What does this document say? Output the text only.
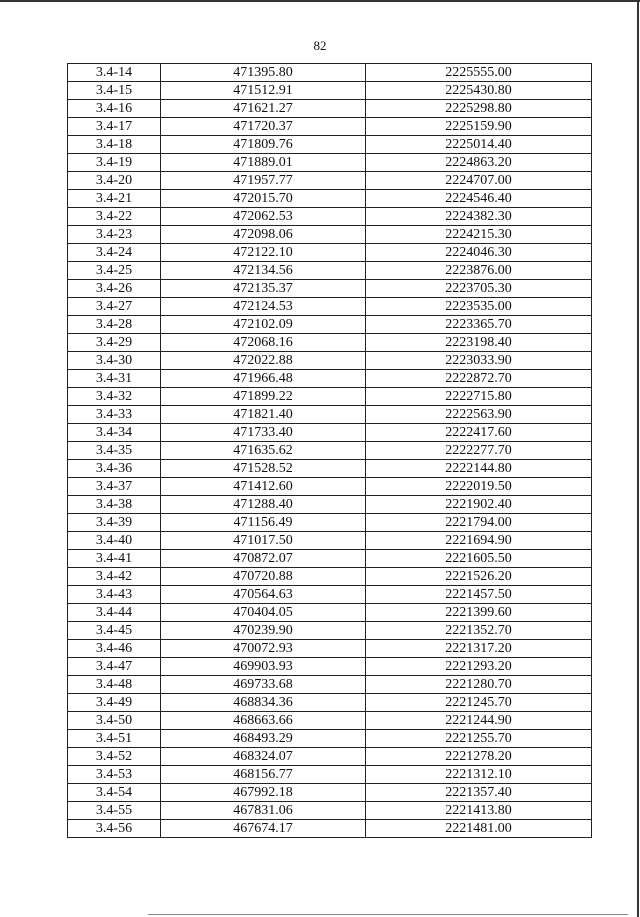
82
3.4-14	471395.80	2225555.00
3.4-15	471512.91	2225430.80
3.4-16	471621.27	2225298.80
3.4-17	471720.37	2225159.90
3.4-18	471809.76	2225014.40
3.4-19	471889.01	2224863.20
3.4-20	471957.77	2224707.00
3.4-21	472015.70	2224546.40
3.4-22	472062.53	2224382.30
3.4-23	472098.06	2224215.30
3.4-24	472122.10	2224046.30
3.4-25	472134.56	2223876.00
3.4-26	472135.37	2223705.30
3.4-27	472124.53	2223535.00
3.4-28	472102.09	2223365.70
3.4-29	472068.16	2223198.40
3.4-30	472022.88	2223033.90
3.4-31	471966.48	2222872.70
3.4-32	471899.22	2222715.80
3.4-33	471821.40	2222563.90
3.4-34	471733.40	2222417.60
3.4-35	471635.62	2222277.70
3.4-36	471528.52	2222144.80
3.4-37	471412.60	2222019.50
3.4-38	471288.40	2221902.40
3.4-39	471156.49	2221794.00
3.4-40	471017.50	2221694.90
3.4-41	470872.07	2221605.50
3.4-42	470720.88	2221526.20
3.4-43	470564.63	2221457.50
3.4-44	470404.05	2221399.60
3.4-45	470239.90	2221352.70
3.4-46	470072.93	2221317.20
3.4-47	469903.93	2221293.20
3.4-48	469733.68	2221280.70
3.4-49	468834.36	2221245.70
3.4-50	468663.66	2221244.90
3.4-51	468493.29	2221255.70
3.4-52	468324.07	2221278.20
3.4-53	468156.77	2221312.10
3.4-54	467992.18	2221357.40
3.4-55	467831.06	2221413.80
3.4-56	467674.17	2221481.00
